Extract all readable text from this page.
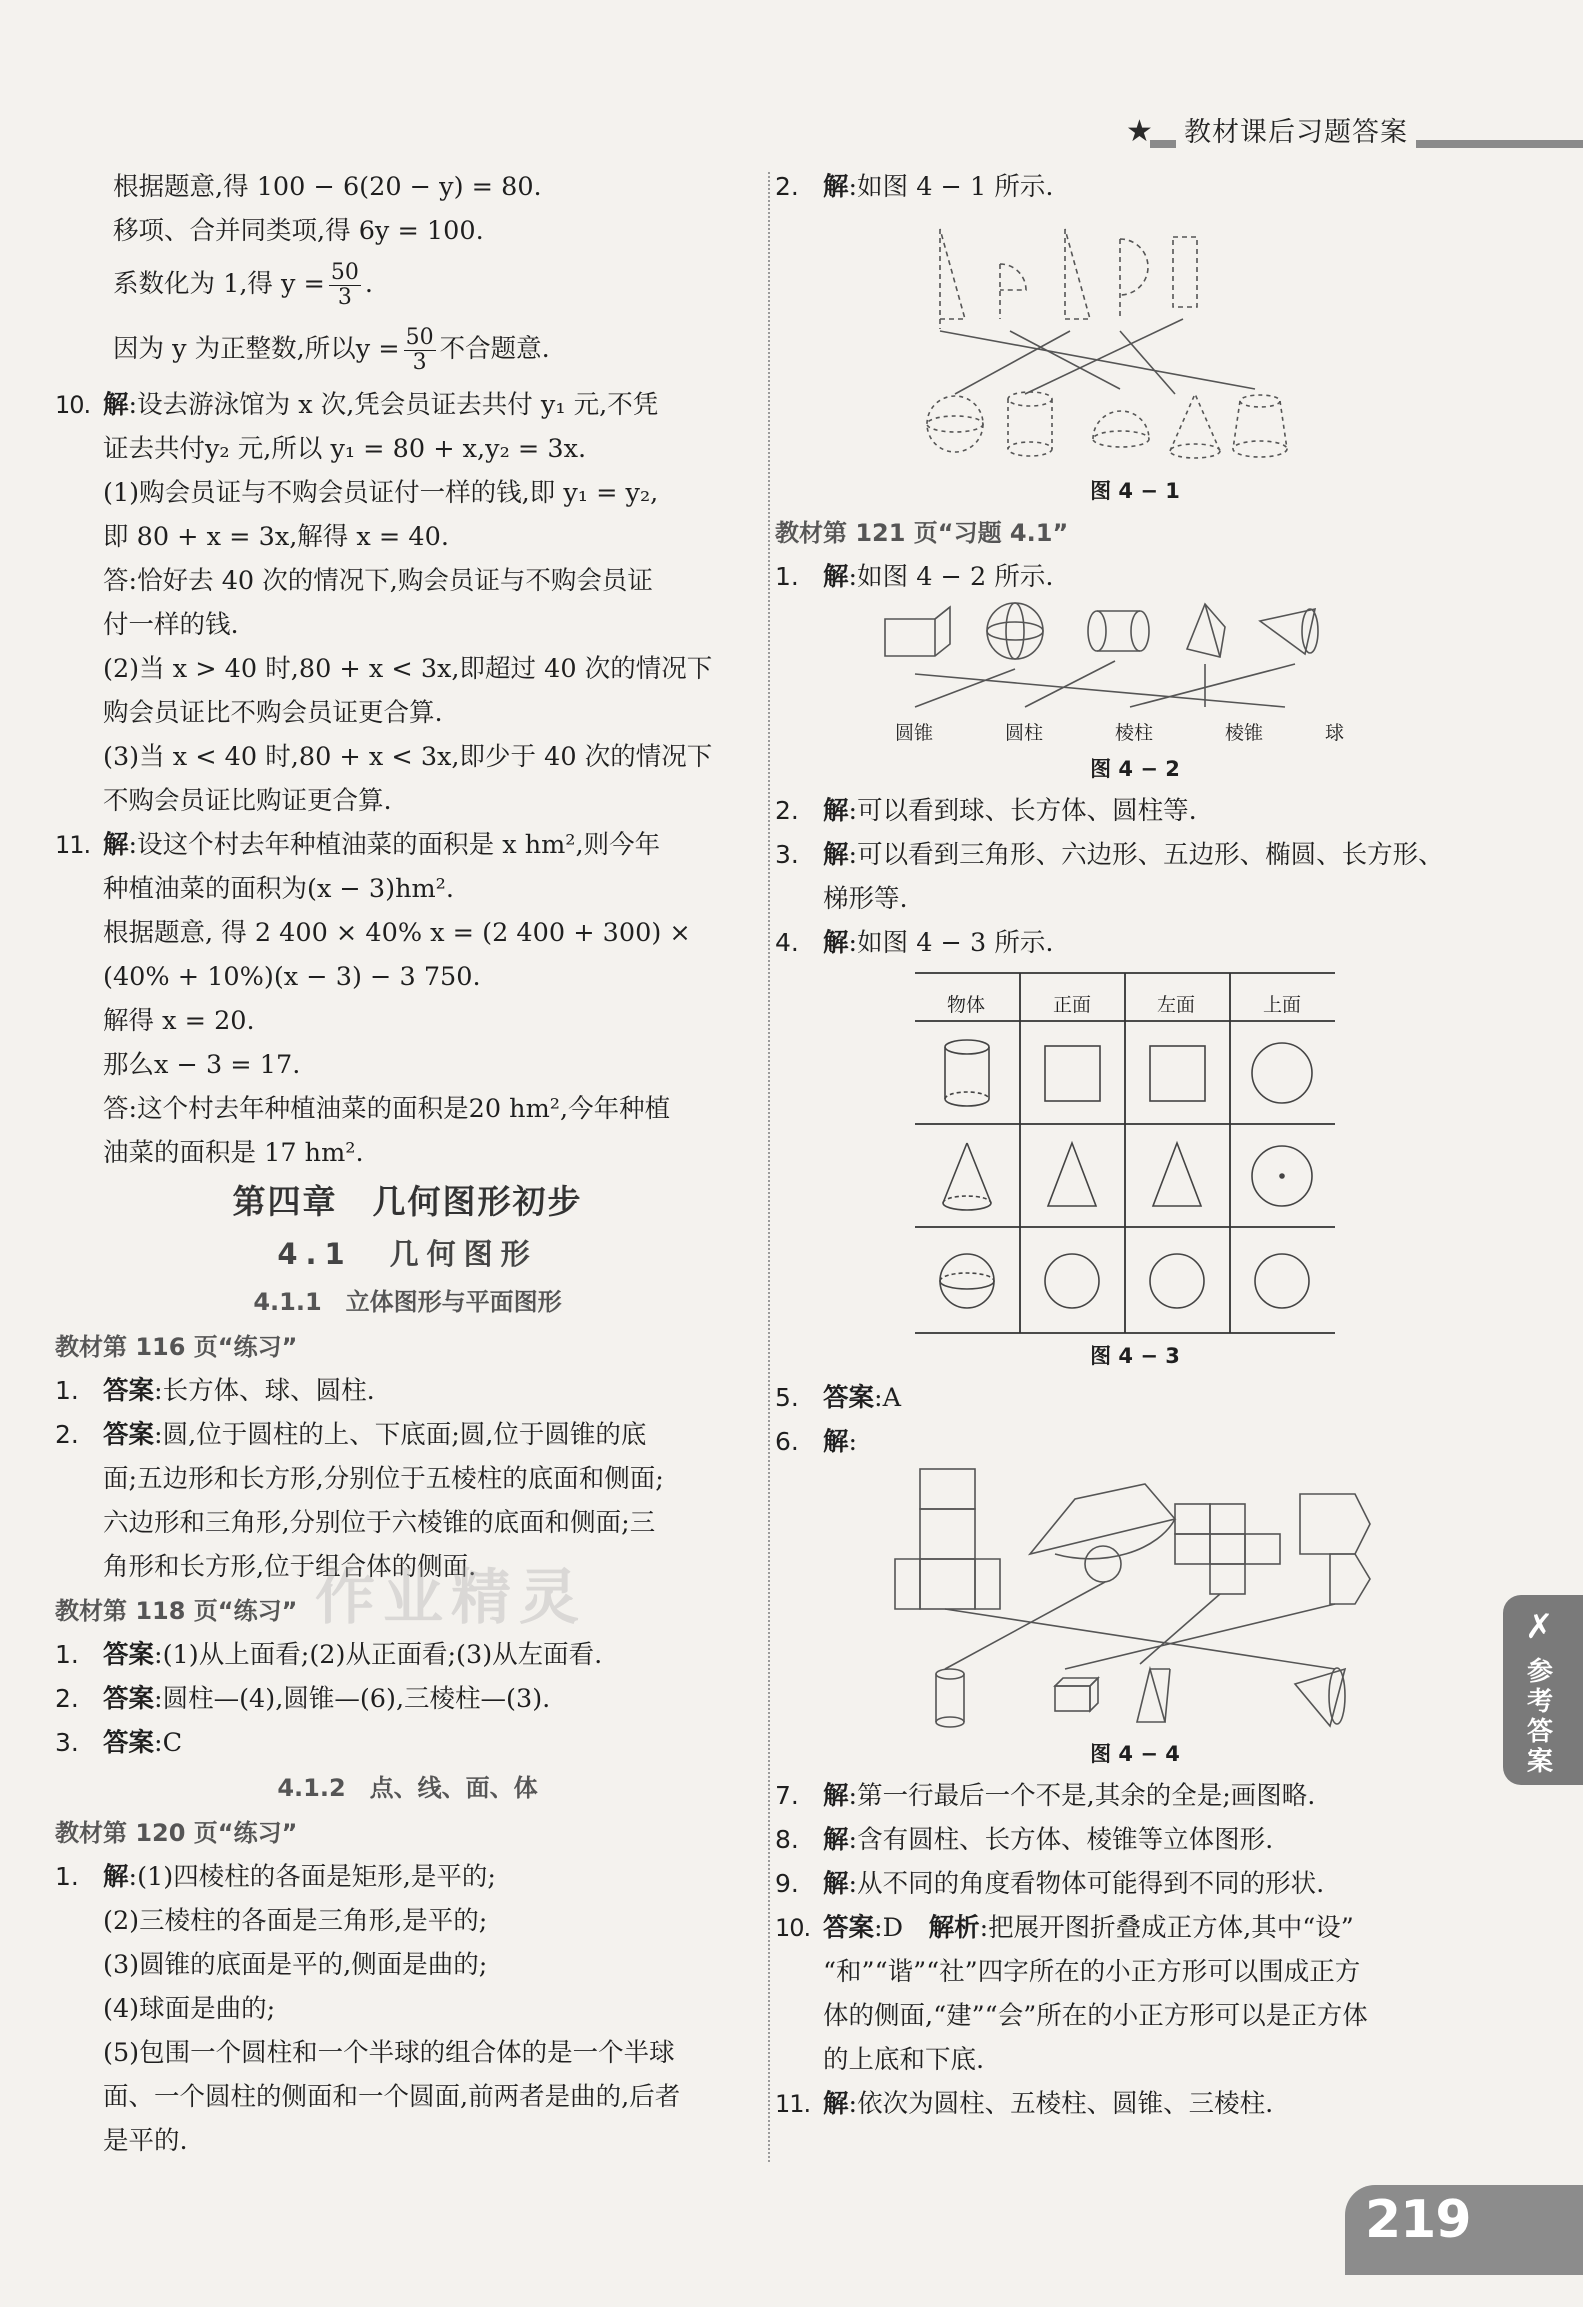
★ 教材课后习题答案

根据题意,得 100 − 6(20 − y) = 80.

移项、合并同类项,得 6y = 100.

系数化为 1,得 $y = \frac{50}{3}$ .

因为 y 为正整数,所以$y = \frac{50}{3}$ 不合题意.

10. 解:设去游泳馆为 x 次,凭会员证去共付 y₁ 元,不凭

证去共付y₂ 元,所以 y₁ = 80 + x,y₂ = 3x.

(1)购会员证与不购会员证付一样的钱,即 y₁ = y₂,

即 80 + x = 3x,解得 x = 40.

答:恰好去 40 次的情况下,购会员证与不购会员证

付一样的钱.

(2)当 x > 40 时,80 + x < 3x,即超过 40 次的情况下

购会员证比不购会员证更合算.

(3)当 x < 40 时,80 + x < 3x,即少于 40 次的情况下

不购会员证比购证更合算.

11. 解:设这个村去年种植油菜的面积是 x hm²,则今年

种植油菜的面积为(x − 3)hm².

根据题意, 得 2 400 × 40% x = (2 400 + 300) ×

(40% + 10%)(x − 3) − 3 750.

解得 x = 20.

那么x − 3 = 17.

答:这个村去年种植油菜的面积是20 hm²,今年种植

油菜的面积是 17 hm².

第四章　几何图形初步
4.1　几何图形
4.1.1　立体图形与平面图形

教材第 116 页“练习”

1. 答案:长方体、球、圆柱.

2. 答案:圆,位于圆柱的上、下底面;圆,位于圆锥的底

面;五边形和长方形,分别位于五棱柱的底面和侧面;

六边形和三角形,分别位于六棱锥的底面和侧面;三

角形和长方形,位于组合体的侧面.

教材第 118 页“练习”

1. 答案:(1)从上面看;(2)从正面看;(3)从左面看.

2. 答案:圆柱—(4),圆锥—(6),三棱柱—(3).

3. 答案:C

4.1.2　点、线、面、体

教材第 120 页“练习”

1. 解:(1)四棱柱的各面是矩形,是平的;

(2)三棱柱的各面是三角形,是平的;

(3)圆锥的底面是平的,侧面是曲的;

(4)球面是曲的;

(5)包围一个圆柱和一个半球的组合体的是一个半球

面、一个圆柱的侧面和一个圆面,前两者是曲的,后者

是平的.

作业精灵

2. 解:如图 4 − 1 所示.

图 4 − 1

教材第 121 页“习题 4.1”

1. 解:如图 4 − 2 所示.

圆锥	圆柱	棱柱	棱锥	球
图 4 − 2

2. 解:可以看到球、长方体、圆柱等.

3. 解:可以看到三角形、六边形、五边形、椭圆、长方形、

梯形等.

4. 解:如图 4 − 3 所示.

物体	正面	左面	上面
图 4 − 3

5. 答案:A

6. 解:

图 4 − 4

7. 解:第一行最后一个不是,其余的全是;画图略.

8. 解:含有圆柱、长方体、棱锥等立体图形.

9. 解:从不同的角度看物体可能得到不同的形状.

10. 答案:D　解析:把展开图折叠成正方体,其中“设”

“和”“谐”“社”四字所在的小正方形可以围成正方

体的侧面,“建”“会”所在的小正方形可以是正方体

的上底和下底.

11. 解:依次为圆柱、五棱柱、圆锥、三棱柱.

✗
参考答案
219
